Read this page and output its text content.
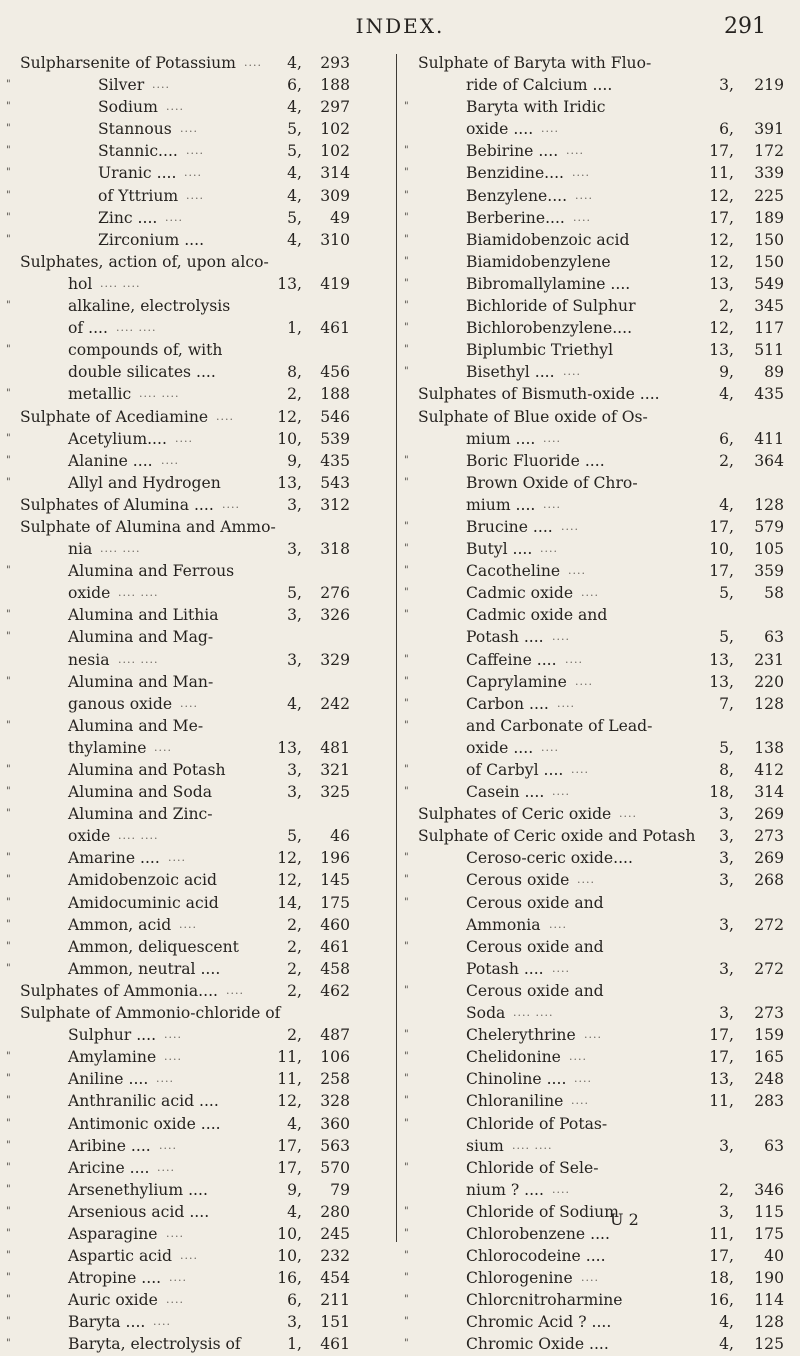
INDEX.	291
Sulpharsenite of Potassium ....	4,	293
"	Silver ....	6,	188
"	Sodium ....	4,	297
"	Stannous ....	5,	102
"	Stannic.... ....	5,	102
"	Uranic .... ....	4,	314
"	of Yttrium ....	4,	309
"	Zinc .... ....	5,	49
"	Zirconium ....	4,	310
Sulphates, action of, upon alco-
hol .... ....	13,	419
"	alkaline, electrolysis
of .... .... ....	1,	461
"	compounds of, with
double silicates ....	8,	456
"	metallic .... ....	2,	188
Sulphate of Acediamine ....	12,	546
"	Acetylium.... ....	10,	539
"	Alanine .... ....	9,	435
"	Allyl and Hydrogen	13,	543
Sulphates of Alumina .... ....	3,	312
Sulphate of Alumina and Ammo-
nia .... ....	3,	318
"	Alumina and Ferrous
oxide .... ....	5,	276
"	Alumina and Lithia	3,	326
"	Alumina and Mag-
nesia .... ....	3,	329
"	Alumina and Man-
ganous oxide ....	4,	242
"	Alumina and Me-
thylamine ....	13,	481
"	Alumina and Potash	3,	321
"	Alumina and Soda	3,	325
"	Alumina and Zinc-
oxide .... ....	5,	46
"	Amarine .... ....	12,	196
"	Amidobenzoic acid	12,	145
"	Amidocuminic acid	14,	175
"	Ammon, acid ....	2,	460
"	Ammon, deliquescent	2,	461
"	Ammon, neutral ....	2,	458
Sulphates of Ammonia.... ....	2,	462
Sulphate of Ammonio-chloride of
Sulphur .... ....	2,	487
"	Amylamine ....	11,	106
"	Aniline .... ....	11,	258
"	Anthranilic acid ....	12,	328
"	Antimonic oxide ....	4,	360
"	Aribine .... ....	17,	563
"	Aricine .... ....	17,	570
"	Arsenethylium ....	9,	79
"	Arsenious acid ....	4,	280
"	Asparagine ....	10,	245
"	Aspartic acid ....	10,	232
"	Atropine .... ....	16,	454
"	Auric oxide ....	6,	211
"	Baryta .... ....	3,	151
"	Baryta, electrolysis of	1,	461
Sulphate of Baryta with Fluo-
ride of Calcium ....	3,	219
"	Baryta with Iridic
oxide .... ....	6,	391
"	Bebirine .... ....	17,	172
"	Benzidine.... ....	11,	339
"	Benzylene.... ....	12,	225
"	Berberine.... ....	17,	189
"	Biamidobenzoic acid	12,	150
"	Biamidobenzylene	12,	150
"	Bibromallylamine ....	13,	549
"	Bichloride of Sulphur	2,	345
"	Bichlorobenzylene....	12,	117
"	Biplumbic Triethyl	13,	511
"	Bisethyl .... ....	9,	89
Sulphates of Bismuth-oxide ....	4,	435
Sulphate of Blue oxide of Os-
mium .... ....	6,	411
"	Boric Fluoride ....	2,	364
"	Brown Oxide of Chro-
mium .... ....	4,	128
"	Brucine .... ....	17,	579
"	Butyl .... ....	10,	105
"	Cacotheline ....	17,	359
"	Cadmic oxide ....	5,	58
"	Cadmic oxide and
Potash .... ....	5,	63
"	Caffeine .... ....	13,	231
"	Caprylamine ....	13,	220
"	Carbon .... ....	7,	128
"	and Carbonate of Lead-
oxide .... ....	5,	138
"	of Carbyl .... ....	8,	412
"	Casein .... ....	18,	314
Sulphates of Ceric oxide ....	3,	269
Sulphate of Ceric oxide and Potash	3,	273
"	Ceroso-ceric oxide....	3,	269
"	Cerous oxide ....	3,	268
"	Cerous oxide and
Ammonia ....	3,	272
"	Cerous oxide and
Potash .... ....	3,	272
"	Cerous oxide and
Soda .... ....	3,	273
"	Chelerythrine ....	17,	159
"	Chelidonine ....	17,	165
"	Chinoline .... ....	13,	248
"	Chloraniline ....	11,	283
"	Chloride of Potas-
sium .... ....	3,	63
"	Chloride of Sele-
nium ? .... ....	2,	346
"	Chloride of Sodium	3,	115
"	Chlorobenzene ....	11,	175
"	Chlorocodeine ....	17,	40
"	Chlorogenine ....	18,	190
"	Chlorcnitroharmine	16,	114
"	Chromic Acid ? ....	4,	128
"	Chromic Oxide ....	4,	125
U 2
